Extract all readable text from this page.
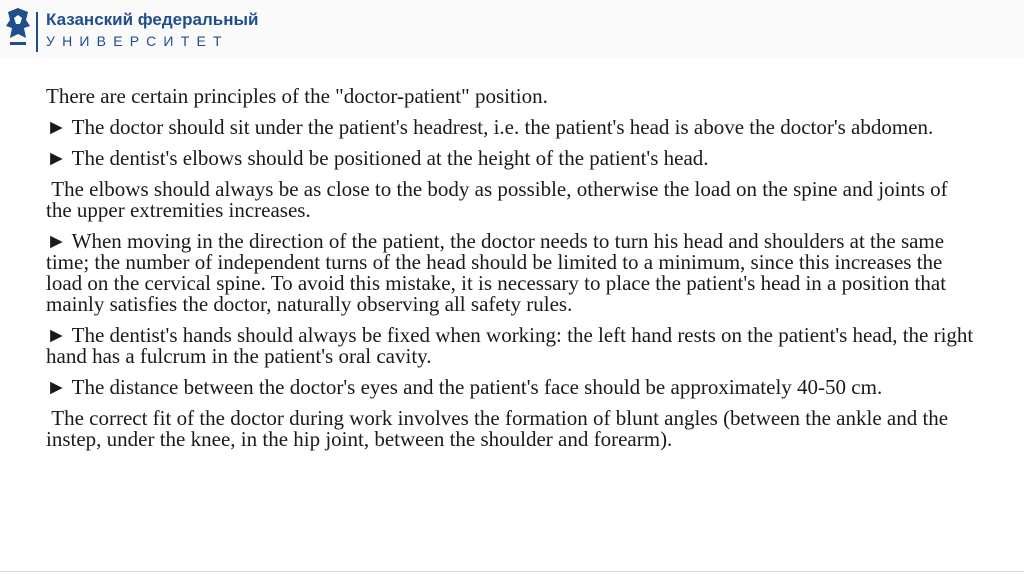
Казанский федеральный
УНИВЕРСИТЕТ

There are certain principles of the "doctor-patient" position.

► The doctor should sit under the patient's headrest, i.e. the patient's head is above the doctor's abdomen.

► The dentist's elbows should be positioned at the height of the patient's head.

The elbows should always be as close to the body as possible, otherwise the load on the spine and joints of the upper extremities increases.

► When moving in the direction of the patient, the doctor needs to turn his head and shoulders at the same time; the number of independent turns of the head should be limited to a minimum, since this increases the load on the cervical spine. To avoid this mistake, it is necessary to place the patient's head in a position that mainly satisfies the doctor, naturally observing all safety rules.

► The dentist's hands should always be fixed when working: the left hand rests on the patient's head, the right hand has a fulcrum in the patient's oral cavity.

► The distance between the doctor's eyes and the patient's face should be approximately 40-50 cm.

The correct fit of the doctor during work involves the formation of blunt angles (between the ankle and the instep, under the knee, in the hip joint, between the shoulder and forearm).
